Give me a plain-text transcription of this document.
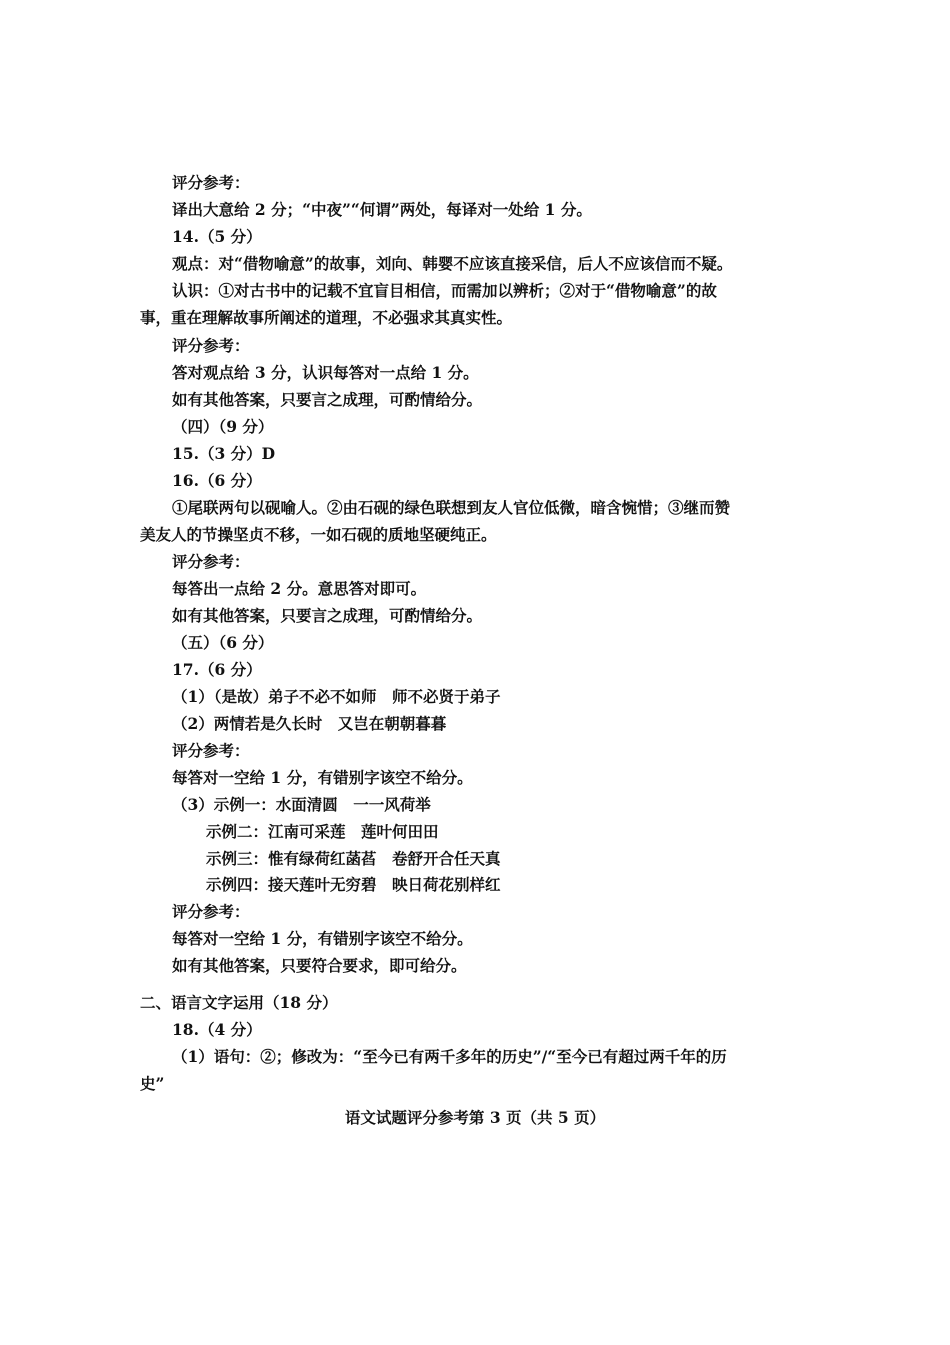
评分参考：
译出大意给 2 分；“中夜”“何谓”两处，每译对一处给 1 分。
14.（5 分）
观点：对“借物喻意”的故事，刘向、韩婴不应该直接采信，后人不应该信而不疑。
认识：①对古书中的记载不宜盲目相信，而需加以辨析；②对于“借物喻意”的故
事，重在理解故事所阐述的道理，不必强求其真实性。
评分参考：
答对观点给 3 分，认识每答对一点给 1 分。
如有其他答案，只要言之成理，可酌情给分。
（四）（9 分）
15.（3 分）D
16.（6 分）
①尾联两句以砚喻人。②由石砚的绿色联想到友人官位低微，暗含惋惜；③继而赞
美友人的节操坚贞不移，一如石砚的质地坚硬纯正。
评分参考：
每答出一点给 2 分。意思答对即可。
如有其他答案，只要言之成理，可酌情给分。
（五）（6 分）
17.（6 分）
（1）（是故）弟子不必不如师　师不必贤于弟子
（2）两情若是久长时　又岂在朝朝暮暮
评分参考：
每答对一空给 1 分，有错别字该空不给分。
（3）示例一：水面清圆　一一风荷举
示例二：江南可采莲　莲叶何田田
示例三：惟有绿荷红菡萏　卷舒开合任天真
示例四：接天莲叶无穷碧　映日荷花别样红
评分参考：
每答对一空给 1 分，有错别字该空不给分。
如有其他答案，只要符合要求，即可给分。
二、语言文字运用（18 分）
18.（4 分）
（1）语句：②；修改为：“至今已有两千多年的历史”/“至今已有超过两千年的历
史”
语文试题评分参考第 3 页（共 5 页）
